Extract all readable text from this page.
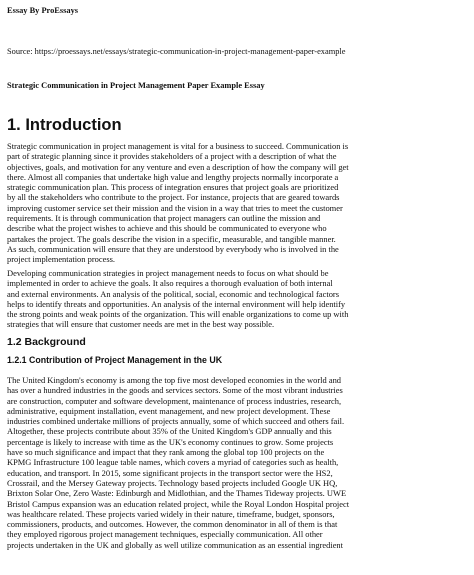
Essay By ProEssays
Source: https://proessays.net/essays/strategic-communication-in-project-management-paper-example
Strategic Communication in Project Management Paper Example Essay
1. Introduction
Strategic communication in project management is vital for a business to succeed. Communication is
part of strategic planning since it provides stakeholders of a project with a description of what the
objectives, goals, and motivation for any venture and even a description of how the company will get
there. Almost all companies that undertake high value and lengthy projects normally incorporate a
strategic communication plan. This process of integration ensures that project goals are prioritized
by all the stakeholders who contribute to the project. For instance, projects that are geared towards
improving customer service set their mission and the vision in a way that tries to meet the customer
requirements. It is through communication that project managers can outline the mission and
describe what the project wishes to achieve and this should be communicated to everyone who
partakes the project. The goals describe the vision in a specific, measurable, and tangible manner.
As such, communication will ensure that they are understood by everybody who is involved in the
project implementation process.
Developing communication strategies in project management needs to focus on what should be
implemented in order to achieve the goals. It also requires a thorough evaluation of both internal
and external environments. An analysis of the political, social, economic and technological factors
helps to identify threats and opportunities. An analysis of the internal environment will help identify
the strong points and weak points of the organization. This will enable organizations to come up with
strategies that will ensure that customer needs are met in the best way possible.
1.2 Background
1.2.1 Contribution of Project Management in the UK
The United Kingdom's economy is among the top five most developed economies in the world and
has over a hundred industries in the goods and services sectors. Some of the most vibrant industries
are construction, computer and software development, maintenance of process industries, research,
administrative, equipment installation, event management, and new project development. These
industries combined undertake millions of projects annually, some of which succeed and others fail.
Altogether, these projects contribute about 35% of the United Kingdom's GDP annually and this
percentage is likely to increase with time as the UK's economy continues to grow. Some projects
have so much significance and impact that they rank among the global top 100 projects on the
KPMG Infrastructure 100 league table names, which covers a myriad of categories such as health,
education, and transport. In 2015, some significant projects in the transport sector were the HS2,
Crossrail, and the Mersey Gateway projects. Technology based projects included Google UK HQ,
Brixton Solar One, Zero Waste: Edinburgh and Midlothian, and the Thames Tideway projects. UWE
Bristol Campus expansion was an education related project, while the Royal London Hospital project
was healthcare related. These projects varied widely in their nature, timeframe, budget, sponsors,
commissioners, products, and outcomes. However, the common denominator in all of them is that
they employed rigorous project management techniques, especially communication. All other
projects undertaken in the UK and globally as well utilize communication as an essential ingredient
